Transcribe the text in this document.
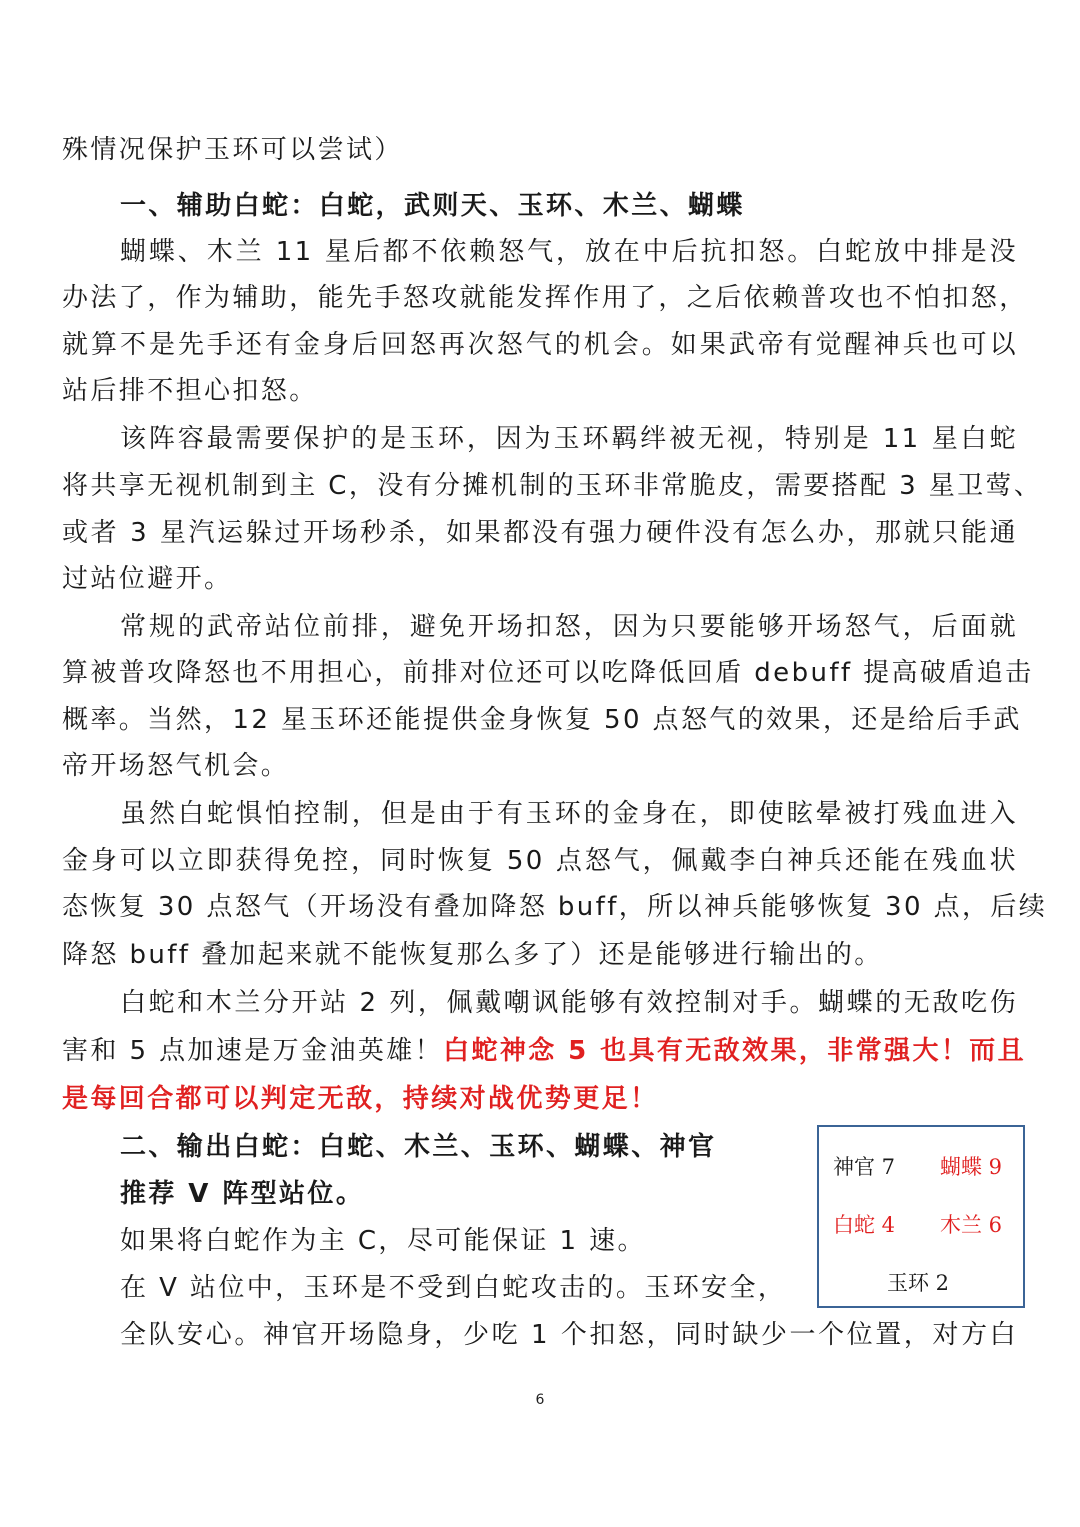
殊情况保护玉环可以尝试）
一、辅助白蛇：白蛇，武则天、玉环、木兰、蝴蝶
蝴蝶、木兰 11 星后都不依赖怒气，放在中后抗扣怒。白蛇放中排是没
办法了，作为辅助，能先手怒攻就能发挥作用了，之后依赖普攻也不怕扣怒，
就算不是先手还有金身后回怒再次怒气的机会。如果武帝有觉醒神兵也可以
站后排不担心扣怒。
该阵容最需要保护的是玉环，因为玉环羁绊被无视，特别是 11 星白蛇
将共享无视机制到主 C，没有分摊机制的玉环非常脆皮，需要搭配 3 星卫莺、
或者 3 星汽运躲过开场秒杀，如果都没有强力硬件没有怎么办，那就只能通
过站位避开。
常规的武帝站位前排，避免开场扣怒，因为只要能够开场怒气，后面就
算被普攻降怒也不用担心，前排对位还可以吃降低回盾 debuff 提高破盾追击
概率。当然，12 星玉环还能提供金身恢复 50 点怒气的效果，还是给后手武
帝开场怒气机会。
虽然白蛇惧怕控制，但是由于有玉环的金身在，即使眩晕被打残血进入
金身可以立即获得免控，同时恢复 50 点怒气，佩戴李白神兵还能在残血状
态恢复 30 点怒气（开场没有叠加降怒 buff，所以神兵能够恢复 30 点，后续
降怒 buff 叠加起来就不能恢复那么多了）还是能够进行输出的。
白蛇和木兰分开站 2 列，佩戴嘲讽能够有效控制对手。蝴蝶的无敌吃伤
害和 5 点加速是万金油英雄！白蛇神念 5 也具有无敌效果，非常强大！而且
是每回合都可以判定无敌，持续对战优势更足！
二、输出白蛇：白蛇、木兰、玉环、蝴蝶、神官
推荐 V 阵型站位。
如果将白蛇作为主 C，尽可能保证 1 速。
在 V 站位中，玉环是不受到白蛇攻击的。玉环安全，
全队安心。神官开场隐身，少吃 1 个扣怒，同时缺少一个位置，对方白
神官 7 蝴蝶 9
白蛇 4 木兰 6
玉环 2
6
